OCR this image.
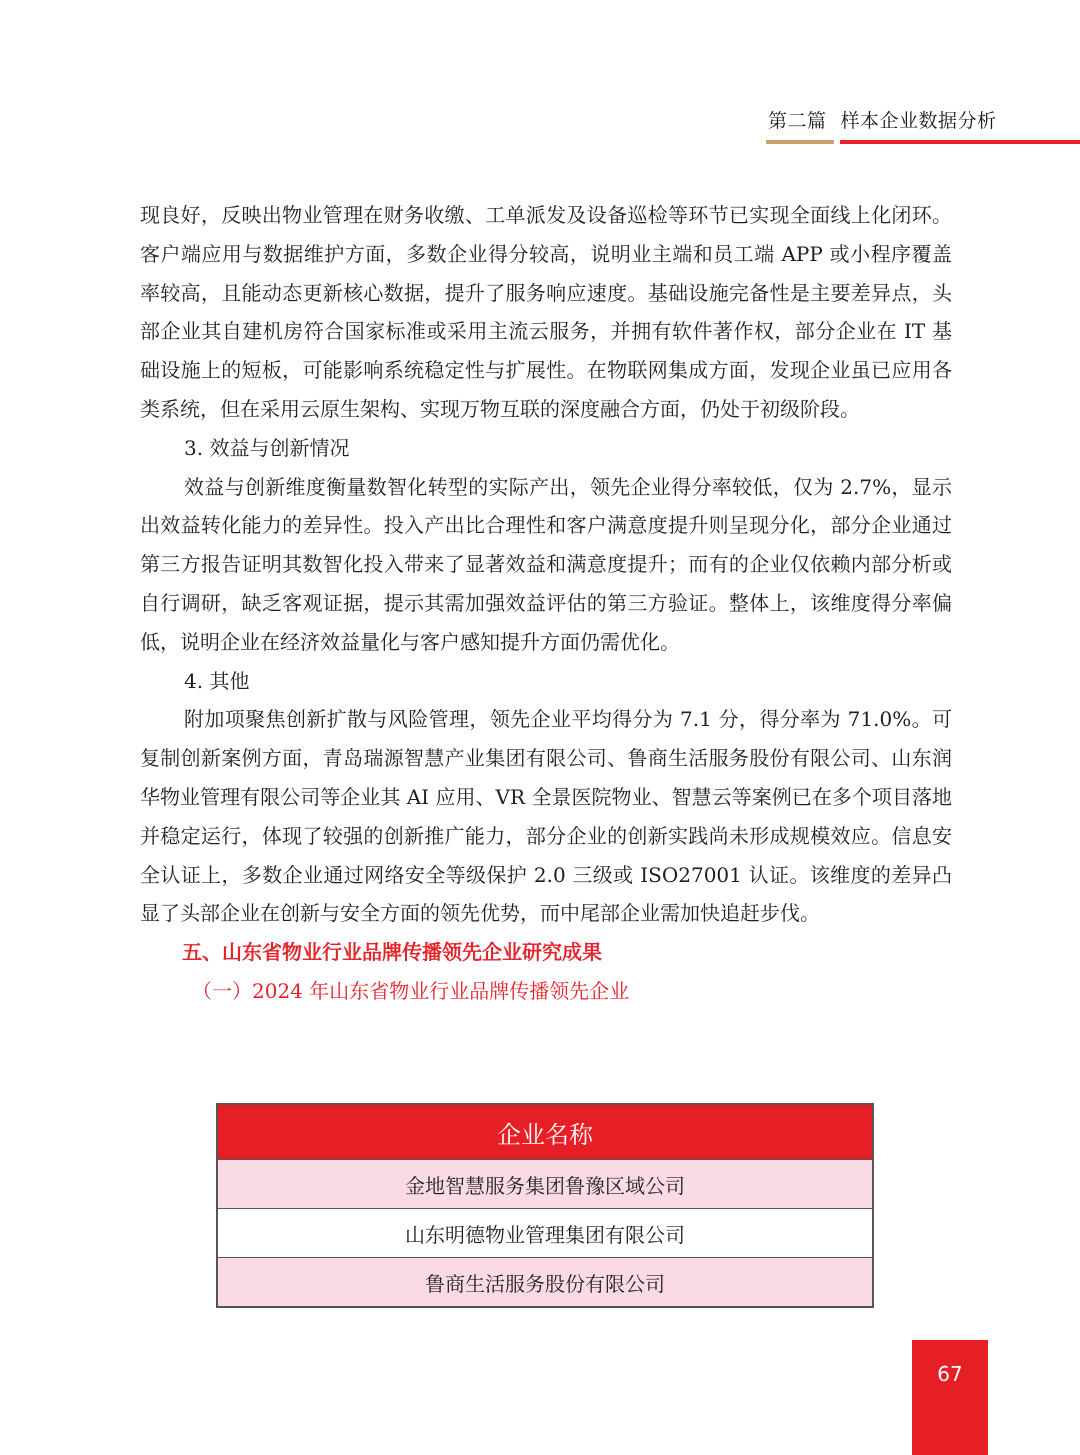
第二篇 样本企业数据分析

现良好，反映出物业管理在财务收缴、工单派发及设备巡检等环节已实现全面线上化闭环。客户端应用与数据维护方面，多数企业得分较高，说明业主端和员工端 APP 或小程序覆盖率较高，且能动态更新核心数据，提升了服务响应速度。基础设施完备性是主要差异点，头部企业其自建机房符合国家标准或采用主流云服务，并拥有软件著作权，部分企业在 IT 基础设施上的短板，可能影响系统稳定性与扩展性。在物联网集成方面，发现企业虽已应用各类系统，但在采用云原生架构、实现万物互联的深度融合方面，仍处于初级阶段。

3. 效益与创新情况

效益与创新维度衡量数智化转型的实际产出，领先企业得分率较低，仅为 2.7%，显示出效益转化能力的差异性。投入产出比合理性和客户满意度提升则呈现分化，部分企业通过第三方报告证明其数智化投入带来了显著效益和满意度提升；而有的企业仅依赖内部分析或自行调研，缺乏客观证据，提示其需加强效益评估的第三方验证。整体上，该维度得分率偏低，说明企业在经济效益量化与客户感知提升方面仍需优化。

4. 其他

附加项聚焦创新扩散与风险管理，领先企业平均得分为 7.1 分，得分率为 71.0%。可复制创新案例方面，青岛瑞源智慧产业集团有限公司、鲁商生活服务股份有限公司、山东润华物业管理有限公司等企业其 AI 应用、VR 全景医院物业、智慧云等案例已在多个项目落地并稳定运行，体现了较强的创新推广能力，部分企业的创新实践尚未形成规模效应。信息安全认证上，多数企业通过网络安全等级保护 2.0 三级或 ISO27001 认证。该维度的差异凸显了头部企业在创新与安全方面的领先优势，而中尾部企业需加快追赶步伐。

五、山东省物业行业品牌传播领先企业研究成果

（一）2024 年山东省物业行业品牌传播领先企业

企业名称
金地智慧服务集团鲁豫区域公司
山东明德物业管理集团有限公司
鲁商生活服务股份有限公司
67
